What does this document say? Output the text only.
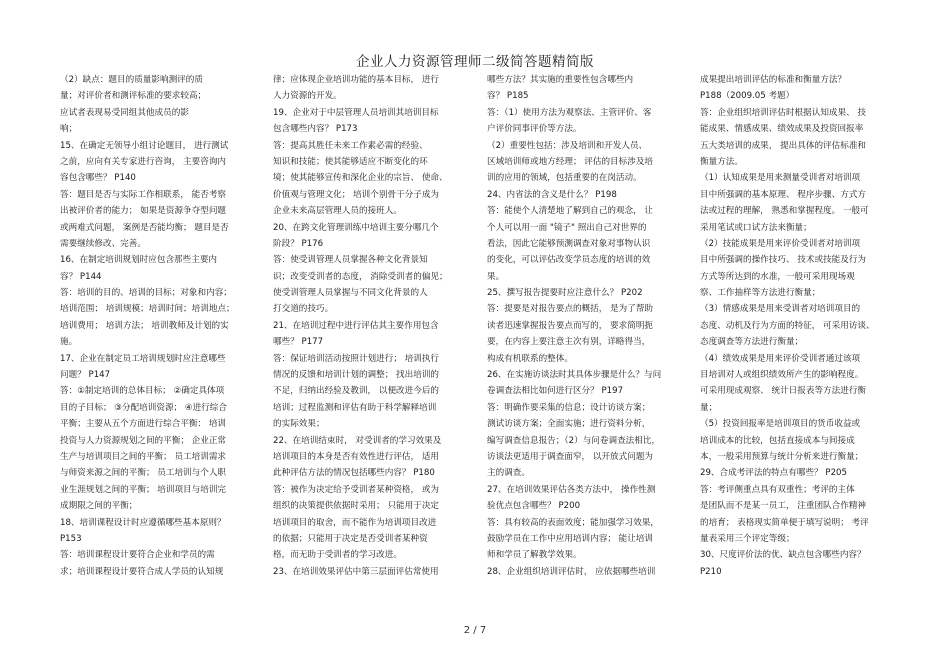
企业人力资源管理师二级简答题精简版
（2）缺点：题目的质量影响测评的质
量；对评价者和测评标准的要求较高；
应试者表现易受同组其他成员的影
响；
15、在确定无领导小组讨论题目， 进行测试
之前，应向有关专家进行咨询， 主要咨询内
容包含哪些？ P140
答：题目是否与实际工作相联系， 能否考察
出被评价者的能力； 如果是资源争夺型问题
或两难式问题， 案例是否能均衡； 题目是否
需要继续修改、完善。
16、在制定培训规划时应包含那些主要内
容？ P144
答：培训的目的、培训的目标；对象和内容；
培训范围； 培训规模；培训时间；培训地点；
培训费用； 培训方法； 培训教师及计划的实
施。
17、企业在制定员工培训规划时应注意哪些
问题？ P147
答：①制定培训的总体目标； ②确定具体项
目的子目标； ③分配培训资源； ④进行综合
平衡；主要从五个方面进行综合平衡： 培训
投资与人力资源规划之间的平衡； 企业正常
生产与培训项目之间的平衡； 员工培训需求
与师资来源之间的平衡； 员工培训与个人职
业生涯规划之间的平衡； 培训项目与培训完
成期限之间的平衡；
18、培训课程设计时应遵循哪些基本原则？
P153
答：培训课程设计要符合企业和学员的需
求；培训课程设计要符合成人学员的认知规
律；应体现企业培训功能的基本目标， 进行
人力资源的开发。
19、企业对于中层管理人员培训其培训目标
包含哪些内容？ P173
答：提高其胜任未来工作素必需的经验、
知识和技能；使其能够适应不断变化的环
境；使其能够宣传和深化企业的宗旨、 使命、
价值观与管理文化； 培训个别骨干分子成为
企业未来高层管理人员的接班人。
20、在跨文化管理训练中培训主要分哪几个
阶段？ P176
答：使受训管理人员掌握各种文化背景知
识；改变受训者的态度， 消除受训者的偏见；
使受训管理人员掌握与不同文化背景的人
打交道的技巧。
21、在培训过程中进行评估其主要作用包含
哪些？ P177
答：保证培训活动按照计划进行； 培训执行
情况的反馈和培训计划的调整； 找出培训的
不足，归纳出经验及教训， 以便改进今后的
培训；过程监测和评估有助于科学解释培训
的实际效果；
22、在培训结束时， 对受训者的学习效果及
培训项目的本身是否有效性进行评估， 适用
此种评估方法的情况包括哪些内容？ P180
答：被作为决定给予受训者某种资格， 或为
组织的决策提供依据时采用； 只能用于决定
培训项目的取舍，而不能作为培训项目改进
的依据；只能用于决定是否受训者某种资
格，而无助于受训者的学习改进。
23、在培训效果评估中第三层面评估常使用
哪些方法？其实施的重要性包含哪些内
容？ P185
答：（1）使用方法为观察法、主管评价、客
户评价同事评价等方法。
（2）重要性包括：涉及培训和开发人员、
区域培训师或地方经理； 评估的目标涉及培
训的应用的领域，包括重要的在岗活动。
24、内省法的含义是什么？ P198
答：能使个人清楚地了解到自己的观念， 让
个人可以用一面 "镜子" 照出自己对世界的
看法，因此它能够预测调查对象对事物认识
的变化，可以评估改变学员态度的培训的效
果。
25、撰写报告提要时应注意什么？ P202
答：提要是对报告要点的概括， 是为了帮助
读者迅速掌握报告要点而写的， 要求简明扼
要，在内容上要注意主次有别，详略得当，
构成有机联系的整体。
26、在实施访谈法时其具体步骤是什么？与问
卷调查法相比如何进行区分？ P197
答：明确作要采集的信息；设计访谈方案；
测试访谈方案；全面实施；进行资料分析，
编写调查信息报告；（2）与问卷调查法相比，
访谈法更适用于调查面窄， 以开放式问题为
主的调查。
27、在培训效果评估各类方法中， 操作性测
验优点包含哪些？ P200
答：具有较高的表面效度；能加强学习效果，
鼓励学员在工作中应用培训内容； 能让培训
师和学员了解教学效果。
28、企业组织培训评估时， 应依据哪些培训
成果提出培训评估的标准和衡量方法？
P188（2009.05 考题）
答：企业组织培训评估时根据认知成果、 技
能成果、情感成果、绩效成果及投资回报率
五大类培训的成果， 提出具体的评估标准和
衡量方法。
（1）认知成果是用来测量受训者对培训项
目中所强调的基本原理、 程序步骤、方式方
法或过程的理解， 熟悉和掌握程度。 一般可
采用笔试或口试方法来衡量；
（2）技能成果是用来评价受训者对培训项
目中所强调的操作技巧、 技术或技能及行为
方式等所达到的水准，一般可采用现场观
察、工作抽样等方法进行衡量；
（3）情感成果是用来受训者对培训项目的
态度、动机及行为方面的特征， 可采用访谈、
态度调查等方法进行衡量；
（4）绩效成果是用来评价受训者通过该项
目培训对人或组织绩效所产生的影响程度。
可采用现成观察、 统计日报表等方法进行衡
量；
（5）投资回报率是培训项目的货币收益或
培训成本的比较，包括直接成本与间接成
本，一般采用预算与统计分析来进行衡量；
29、合成考评法的特点有哪些？ P205
答：考评侧重点具有双重性；考评的主体
是团队而不是某一员工， 注重团队合作精神
的培育； 表格现实简单便于填写说明； 考评
量表采用三个评定等级；
30、尺度评价法的优、缺点包含哪些内容？
P210
2 / 7
